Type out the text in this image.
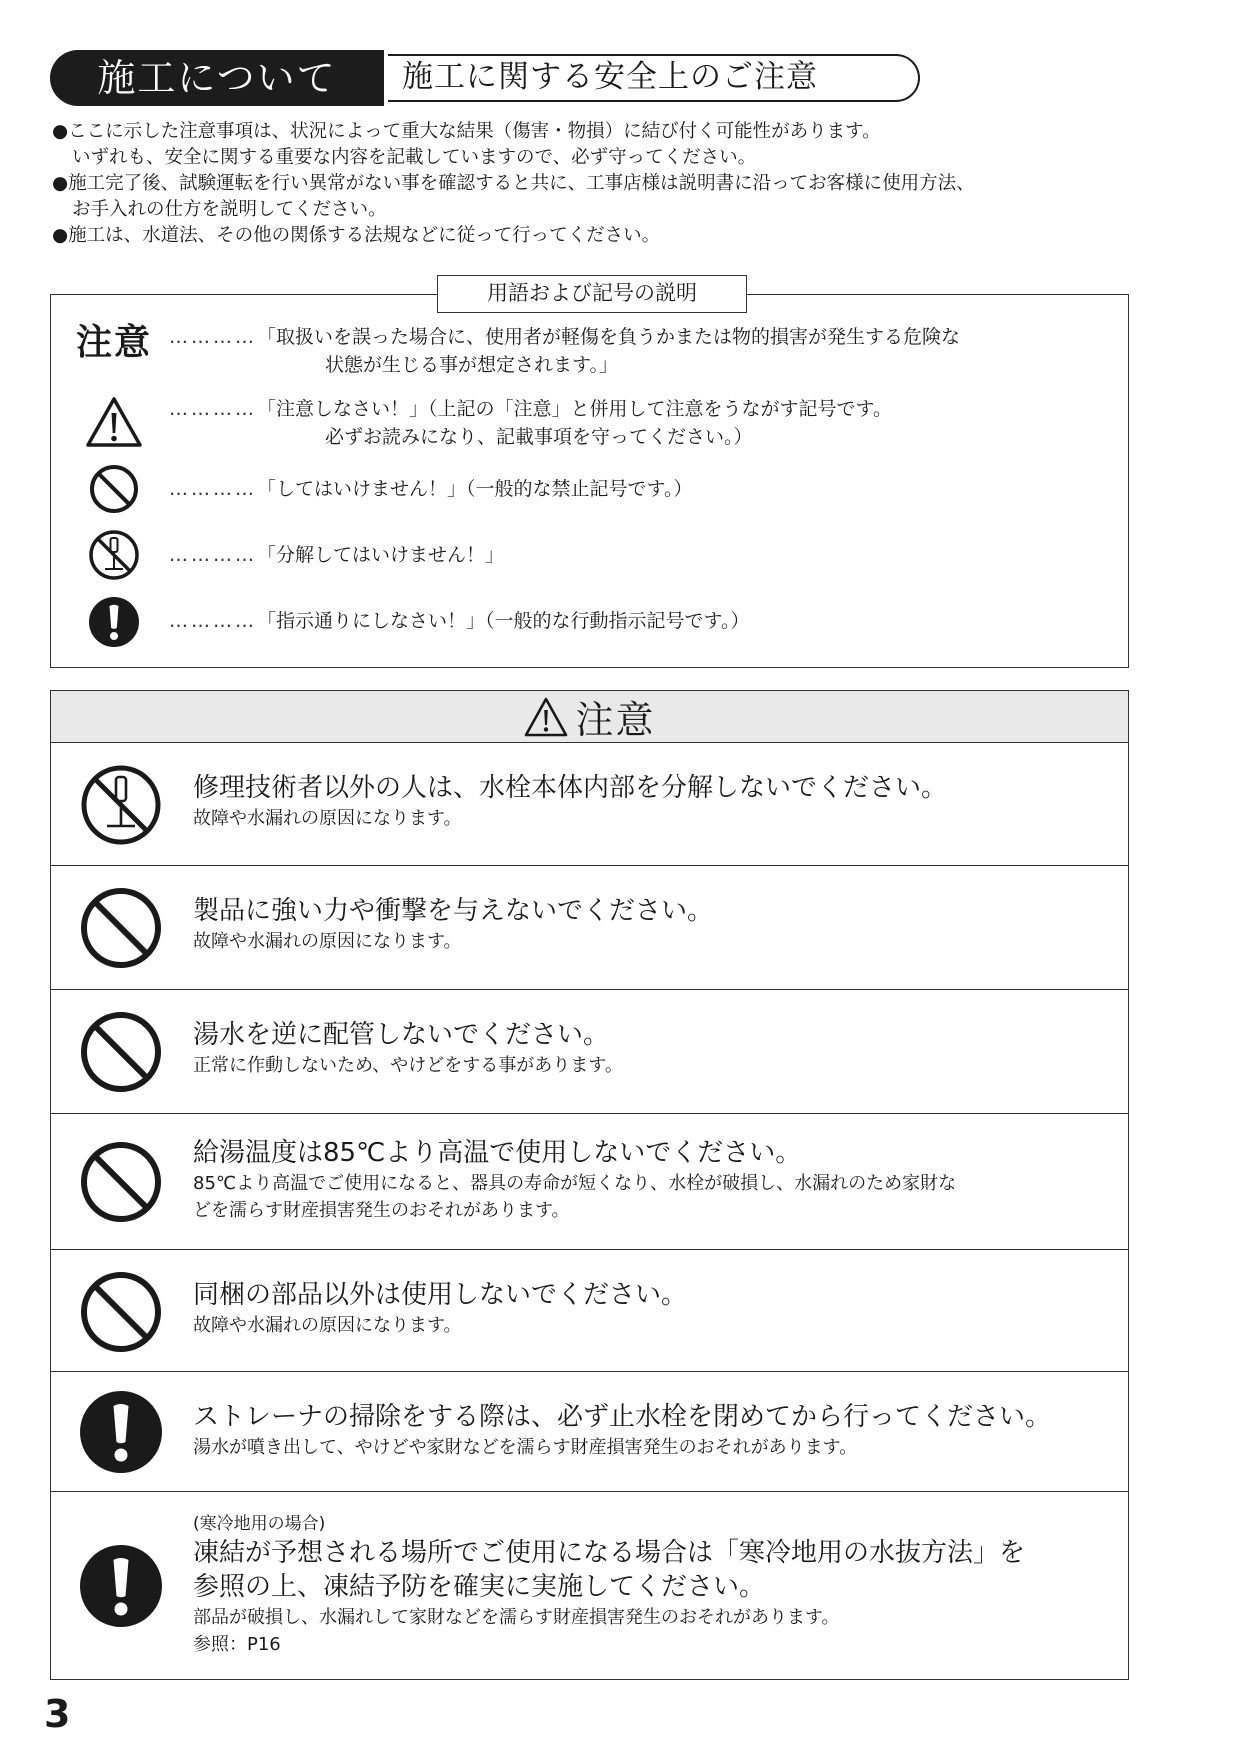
施工について	施工に関する安全上のご注意

●ここに示した注意事項は、状況によって重大な結果（傷害・物損）に結び付く可能性があります。

いずれも、安全に関する重要な内容を記載していますので、必ず守ってください。

●施工完了後、試験運転を行い異常がない事を確認すると共に、工事店様は説明書に沿ってお客様に使用方法、

お手入れの仕方を説明してください。

●施工は、水道法、その他の関係する法規などに従って行ってください。

用語および記号の説明
注意 …………「取扱いを誤った場合に、使用者が軽傷を負うかまたは物的損害が発生する危険な
状態が生じる事が想定されます。」
…………「注意しなさい！」（上記の「注意」と併用して注意をうながす記号です。
必ずお読みになり、記載事項を守ってください。）
…………「してはいけません！」（一般的な禁止記号です。）
…………「分解してはいけません！」
…………「指示通りにしなさい！」（一般的な行動指示記号です。）
注意
修理技術者以外の人は、水栓本体内部を分解しないでください。
故障や水漏れの原因になります。
製品に強い力や衝撃を与えないでください。
故障や水漏れの原因になります。
湯水を逆に配管しないでください。
正常に作動しないため、やけどをする事があります。
給湯温度は85℃より高温で使用しないでください。
85℃より高温でご使用になると、器具の寿命が短くなり、水栓が破損し、水漏れのため家財な
どを濡らす財産損害発生のおそれがあります。
同梱の部品以外は使用しないでください。
故障や水漏れの原因になります。
ストレーナの掃除をする際は、必ず止水栓を閉めてから行ってください。
湯水が噴き出して、やけどや家財などを濡らす財産損害発生のおそれがあります。
(寒冷地用の場合)
凍結が予想される場所でご使用になる場合は「寒冷地用の水抜方法」を
参照の上、凍結予防を確実に実施してください。
部品が破損し、水漏れして家財などを濡らす財産損害発生のおそれがあります。
参照：P16
3
